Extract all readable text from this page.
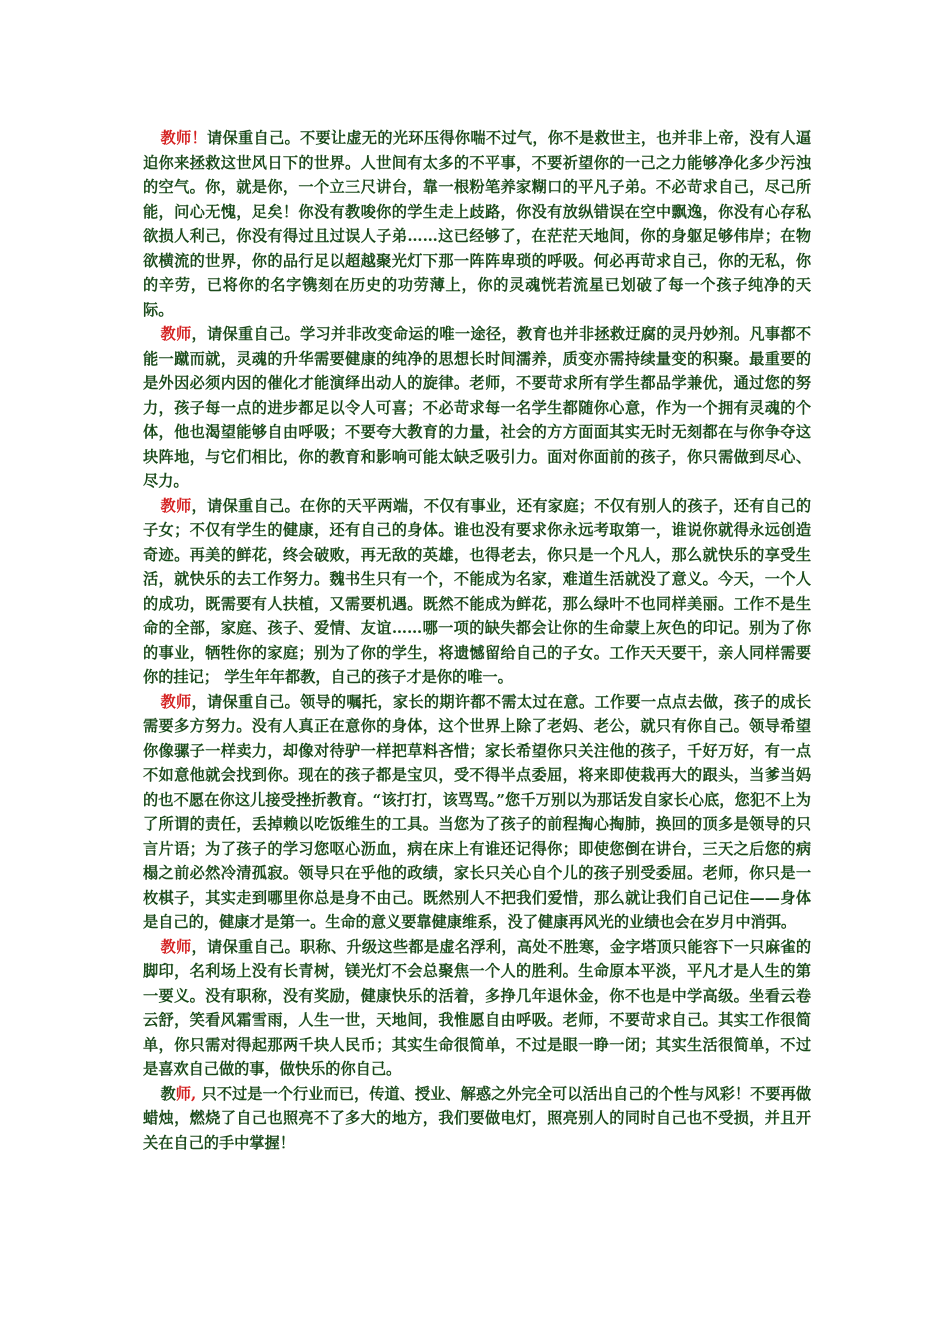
教师！请保重自己。不要让虚无的光环压得你喘不过气，你不是救世主，也并非上帝，没有人逼迫你来拯救这世风日下的世界。人世间有太多的不平事，不要祈望你的一己之力能够净化多少污浊的空气。你，就是你，一个立三尺讲台，靠一根粉笔养家糊口的平凡子弟。不必苛求自己，尽己所能，问心无愧，足矣！你没有教唆你的学生走上歧路，你没有放纵错误在空中飘逸，你没有心存私欲损人利己，你没有得过且过误人子弟……这已经够了，在茫茫天地间，你的身躯足够伟岸；在物欲横流的世界，你的品行足以超越聚光灯下那一阵阵卑琐的呼吸。何必再苛求自己，你的无私，你的辛劳，已将你的名字镌刻在历史的功劳薄上，你的灵魂恍若流星已划破了每一个孩子纯净的天际。

教师，请保重自己。学习并非改变命运的唯一途径，教育也并非拯救迂腐的灵丹妙剂。凡事都不能一蹴而就，灵魂的升华需要健康的纯净的思想长时间濡养，质变亦需持续量变的积聚。最重要的是外因必须内因的催化才能演绎出动人的旋律。老师，不要苛求所有学生都品学兼优，通过您的努力，孩子每一点的进步都足以令人可喜；不必苛求每一名学生都随你心意，作为一个拥有灵魂的个体，他也渴望能够自由呼吸；不要夸大教育的力量，社会的方方面面其实无时无刻都在与你争夺这块阵地，与它们相比，你的教育和影响可能太缺乏吸引力。面对你面前的孩子，你只需做到尽心、尽力。

教师，请保重自己。在你的天平两端，不仅有事业，还有家庭；不仅有别人的孩子，还有自己的子女；不仅有学生的健康，还有自己的身体。谁也没有要求你永远考取第一，谁说你就得永远创造奇迹。再美的鲜花，终会破败，再无敌的英雄，也得老去，你只是一个凡人，那么就快乐的享受生活，就快乐的去工作努力。魏书生只有一个，不能成为名家，难道生活就没了意义。今天，一个人的成功，既需要有人扶植，又需要机遇。既然不能成为鲜花，那么绿叶不也同样美丽。工作不是生命的全部，家庭、孩子、爱情、友谊……哪一项的缺失都会让你的生命蒙上灰色的印记。别为了你的事业，牺牲你的家庭；别为了你的学生，将遗憾留给自己的子女。工作天天要干，亲人同样需要你的挂记； 学生年年都教，自己的孩子才是你的唯一。

教师，请保重自己。领导的嘱托，家长的期许都不需太过在意。工作要一点点去做，孩子的成长需要多方努力。没有人真正在意你的身体，这个世界上除了老妈、老公，就只有你自己。领导希望你像骡子一样卖力，却像对待驴一样把草料吝惜；家长希望你只关注他的孩子，千好万好，有一点不如意他就会找到你。现在的孩子都是宝贝，受不得半点委屈，将来即使栽再大的跟头，当爹当妈的也不愿在你这儿接受挫折教育。“该打打，该骂骂。”您千万别以为那话发自家长心底，您犯不上为了所谓的责任，丢掉赖以吃饭维生的工具。当您为了孩子的前程掏心掏肺，换回的顶多是领导的只言片语；为了孩子的学习您呕心沥血，病在床上有谁还记得你；即使您倒在讲台，三天之后您的病榻之前必然冷清孤寂。领导只在乎他的政绩，家长只关心自个儿的孩子别受委屈。老师，你只是一枚棋子，其实走到哪里你总是身不由己。既然别人不把我们爱惜，那么就让我们自己记住——身体是自己的，健康才是第一。生命的意义要靠健康维系，没了健康再风光的业绩也会在岁月中消弭。

教师，请保重自己。职称、升级这些都是虚名浮利，高处不胜寒，金字塔顶只能容下一只麻雀的脚印，名利场上没有长青树，镁光灯不会总聚焦一个人的胜利。生命原本平淡，平凡才是人生的第一要义。没有职称，没有奖励，健康快乐的活着，多挣几年退休金，你不也是中学高级。坐看云卷云舒，笑看风霜雪雨，人生一世，天地间，我惟愿自由呼吸。老师，不要苛求自己。其实工作很简单，你只需对得起那两千块人民币；其实生命很简单，不过是眼一睁一闭；其实生活很简单，不过是喜欢自己做的事，做快乐的你自己。

教师, 只不过是一个行业而已，传道、授业、解惑之外完全可以活出自己的个性与风彩！不要再做蜡烛，燃烧了自己也照亮不了多大的地方，我们要做电灯，照亮别人的同时自己也不受损，并且开关在自己的手中掌握！
